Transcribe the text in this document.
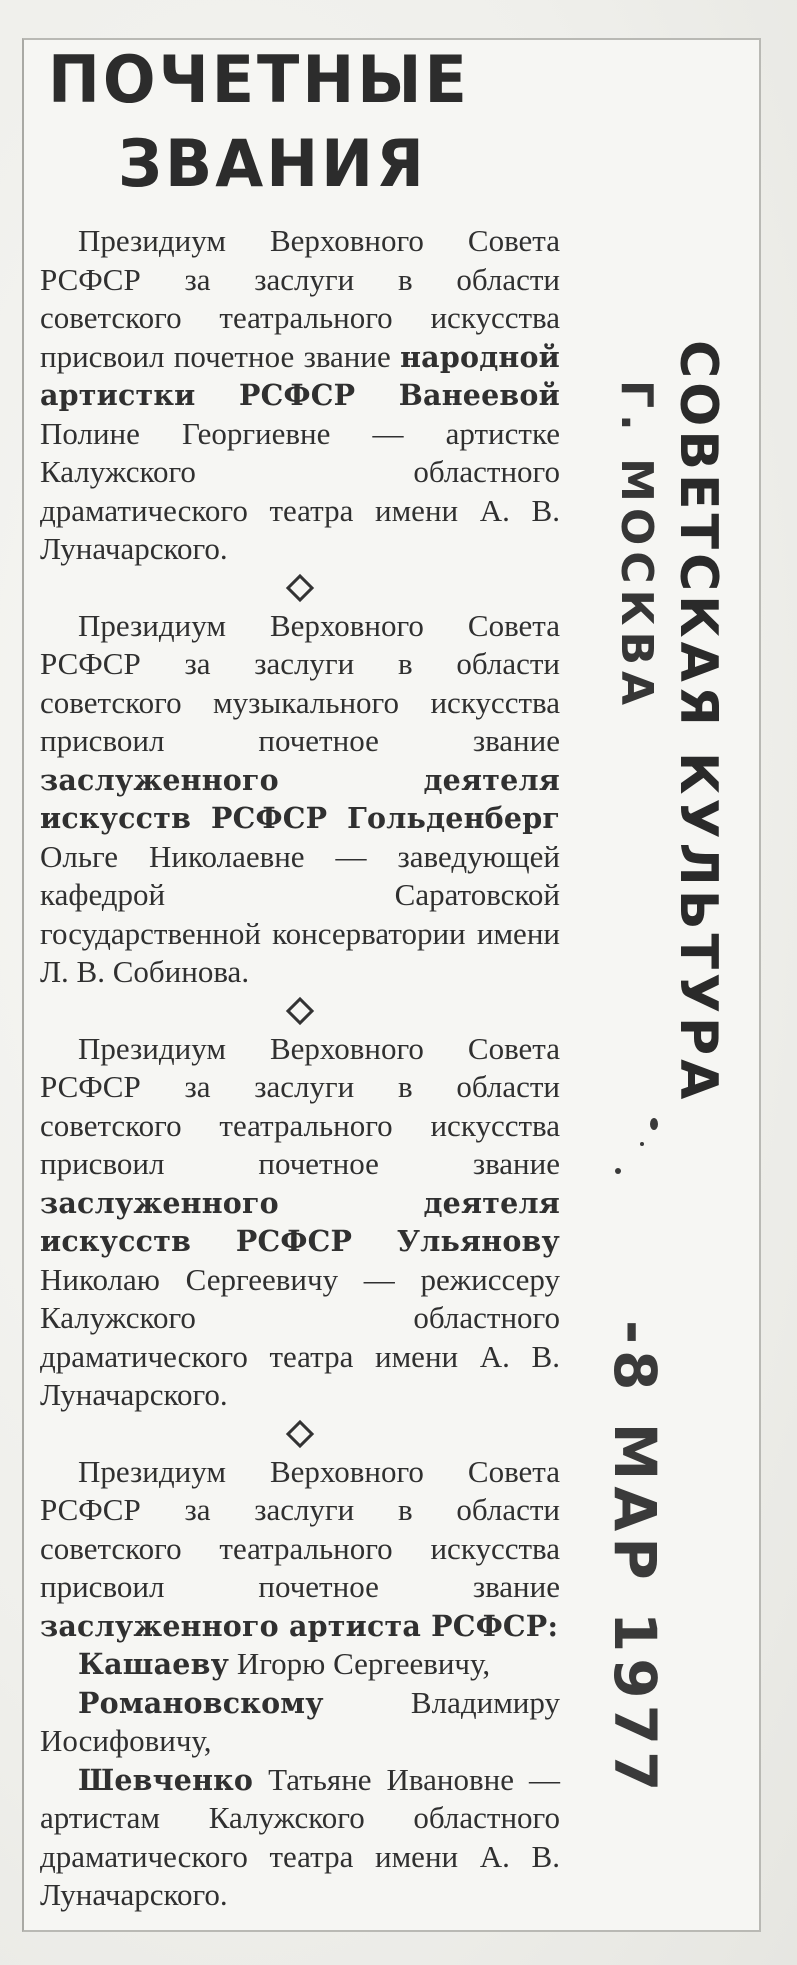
ПОЧЕТНЫЕ
ЗВАНИЯ

Президиум Верховного Совета РСФСР за заслуги в области советского театрального искусства присвоил почетное звание народной артистки РСФСР Ванеевой Полине Георгиевне — артистке Калужского областного драматического театра имени А. В. Луначарского.

Президиум Верховного Совета РСФСР за заслуги в области советского музыкального искусства присвоил почетное звание заслуженного деятеля искусств РСФСР Гольденберг Ольге Николаевне — заведующей кафедрой Саратовской государственной консерватории имени Л. В. Собинова.

Президиум Верховного Совета РСФСР за заслуги в области советского театрального искусства присвоил почетное звание заслуженного деятеля искусств РСФСР Ульянову Николаю Сергеевичу — режиссеру Калужского областного драматического театра имени А. В. Луначарского.

Президиум Верховного Совета РСФСР за заслуги в области советского театрального искусства присвоил почетное звание заслуженного артиста РСФСР:

Кашаеву Игорю Сергеевичу,

Романовскому Владимиру Иосифовичу,

Шевченко Татьяне Ивановне — артистам Калужского областного драматического театра имени А. В. Луначарского.

СОВЕТСКАЯ КУЛЬТУРА
Г. МОСКВА
-8 МАР 1977
